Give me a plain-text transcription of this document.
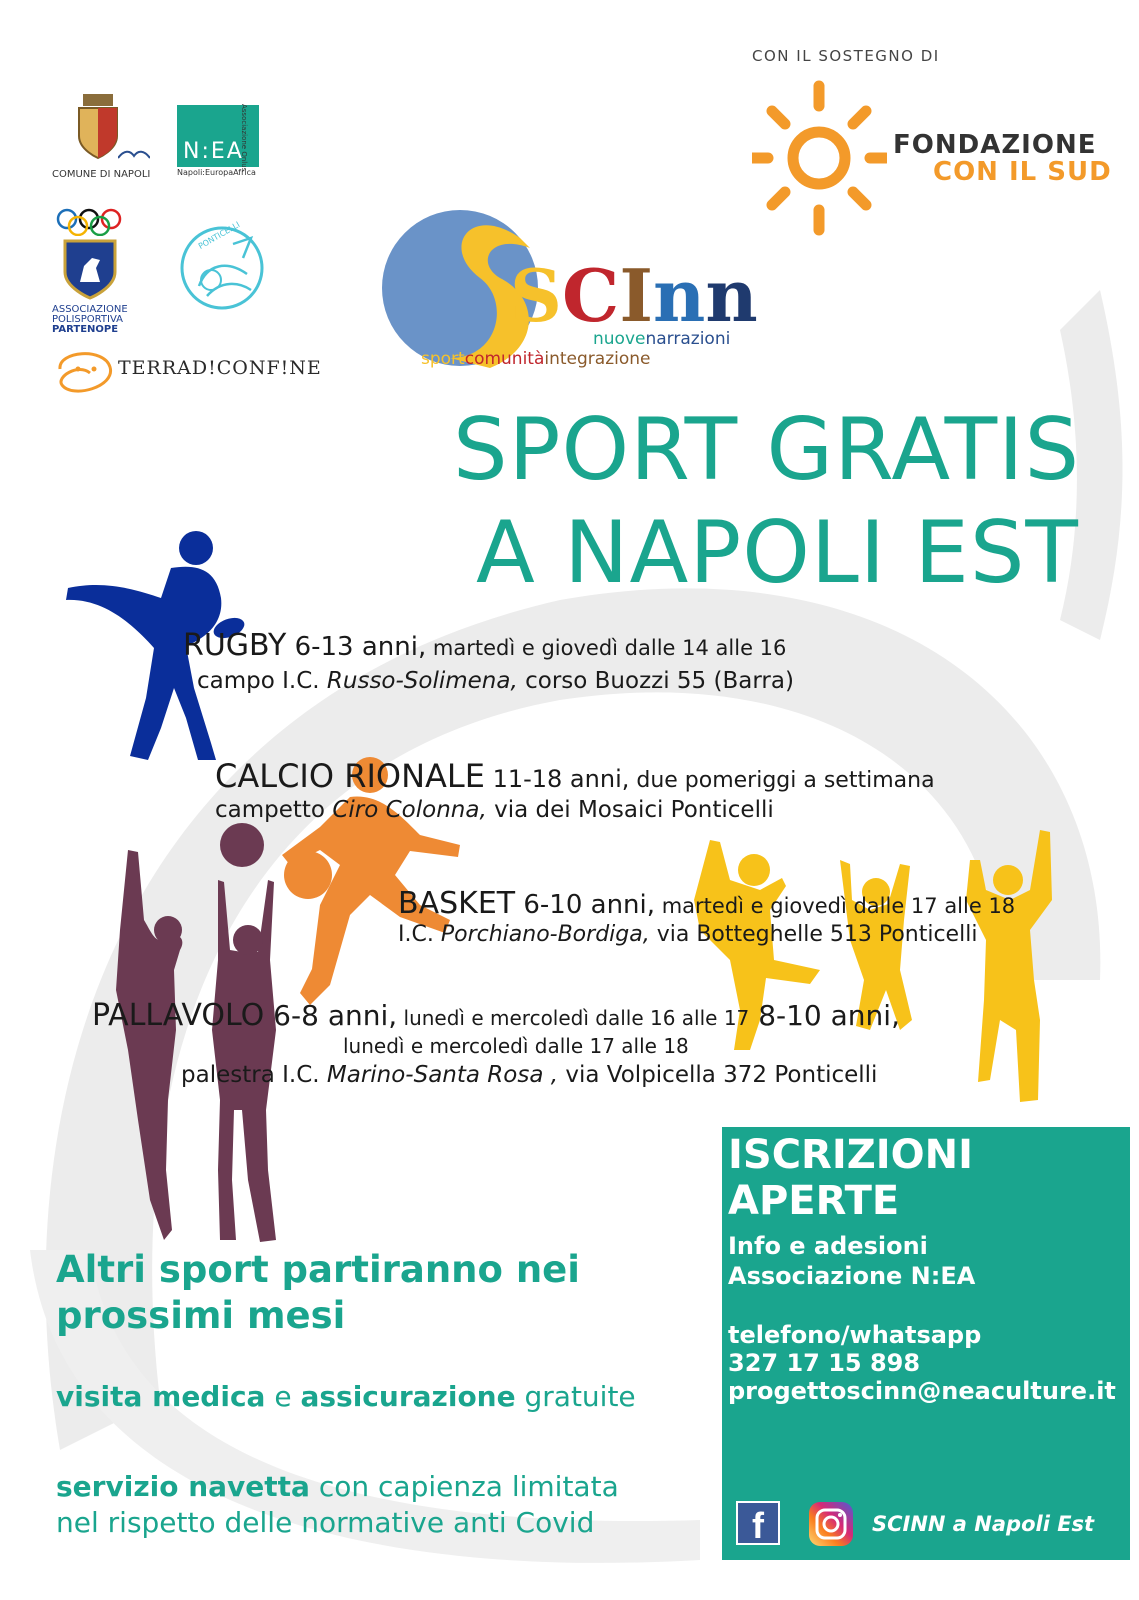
CON IL SOSTEGNO DI
FONDAZIONE
CON IL SUD
COMUNE DI NAPOLI
N:EA
Napoli:EuropaAfrica
Associazione Onlus
ASSOCIAZIONE
POLISPORTIVA
PARTENOPE
PONTICELLI
TERRAD!CONF!NE
SCInn
nuovenarrazioni
sportcomunitàintegrazione
SPORT GRATIS
A NAPOLI EST
RUGBY 6-13 anni, martedì e giovedì dalle 14 alle 16
campo I.C. Russo-Solimena, corso Buozzi 55 (Barra)
CALCIO RIONALE 11-18 anni, due pomeriggi a settimana
campetto Ciro Colonna, via dei Mosaici Ponticelli
BASKET 6-10 anni, martedì e giovedì dalle 17 alle 18
I.C. Porchiano-Bordiga, via Botteghelle 513 Ponticelli
PALLAVOLO 6-8 anni, lunedì e mercoledì dalle 16 alle 17 8-10 anni,
lunedì e mercoledì dalle 17 alle 18
palestra I.C. Marino-Santa Rosa , via Volpicella 372 Ponticelli
ISCRIZIONI
APERTE
Info e adesioni
Associazione N:EA
telefono/whatsapp
327 17 15 898
progettoscinn@neaculture.it
f	SCINN a Napoli Est
Altri sport partiranno nei
prossimi mesi
visita medica e assicurazione gratuite
servizio navetta con capienza limitata
nel rispetto delle normative anti Covid
